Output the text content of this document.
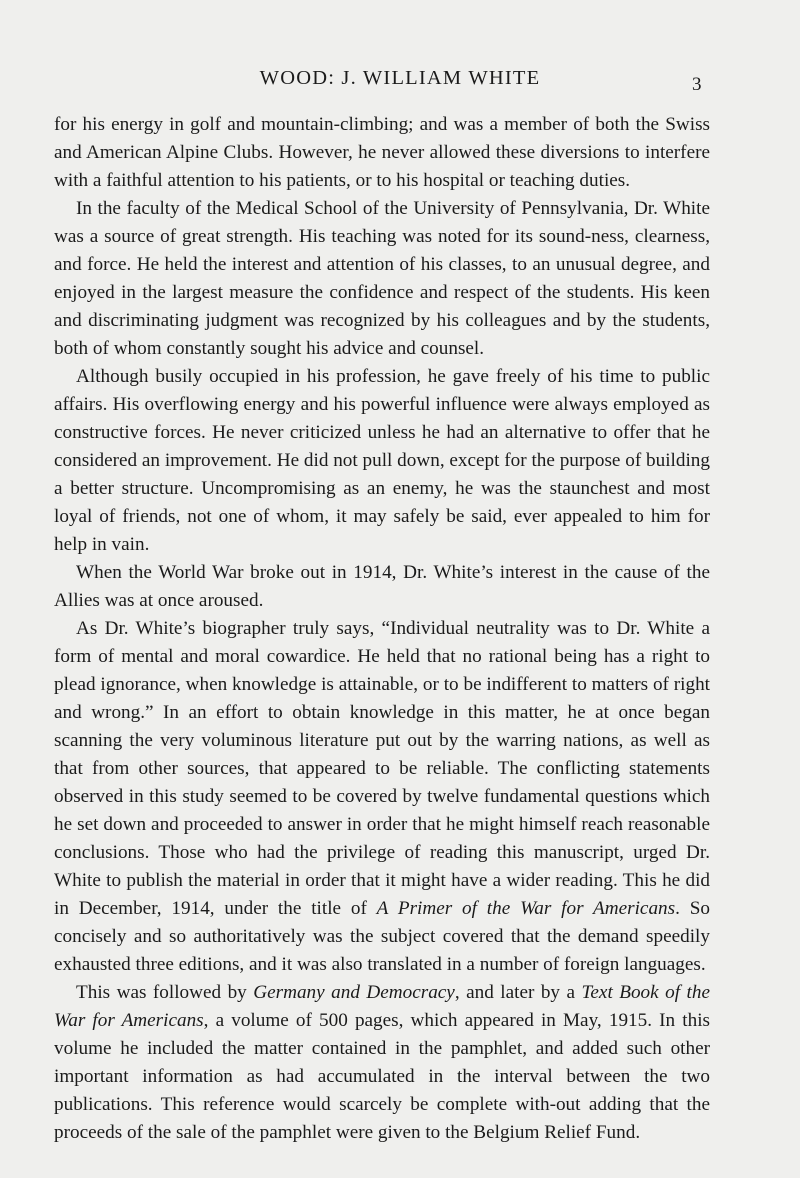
WOOD: J. WILLIAM WHITE	3

for his energy in golf and mountain-climbing; and was a member of both the Swiss and American Alpine Clubs. However, he never allowed these diversions to interfere with a faithful attention to his patients, or to his hospital or teaching duties.

In the faculty of the Medical School of the University of Pennsylvania, Dr. White was a source of great strength. His teaching was noted for its sound-ness, clearness, and force. He held the interest and attention of his classes, to an unusual degree, and enjoyed in the largest measure the confidence and respect of the students. His keen and discriminating judgment was recognized by his colleagues and by the students, both of whom constantly sought his advice and counsel.

Although busily occupied in his profession, he gave freely of his time to public affairs. His overflowing energy and his powerful influence were always employed as constructive forces. He never criticized unless he had an alternative to offer that he considered an improvement. He did not pull down, except for the purpose of building a better structure. Uncompromising as an enemy, he was the staunchest and most loyal of friends, not one of whom, it may safely be said, ever appealed to him for help in vain.

When the World War broke out in 1914, Dr. White’s interest in the cause of the Allies was at once aroused.

As Dr. White’s biographer truly says, “Individual neutrality was to Dr. White a form of mental and moral cowardice. He held that no rational being has a right to plead ignorance, when knowledge is attainable, or to be indifferent to matters of right and wrong.” In an effort to obtain knowledge in this matter, he at once began scanning the very voluminous literature put out by the warring nations, as well as that from other sources, that appeared to be reliable. The conflicting statements observed in this study seemed to be covered by twelve fundamental questions which he set down and proceeded to answer in order that he might himself reach reasonable conclusions. Those who had the privilege of reading this manuscript, urged Dr. White to publish the material in order that it might have a wider reading. This he did in December, 1914, under the title of A Primer of the War for Americans. So concisely and so authoritatively was the subject covered that the demand speedily exhausted three editions, and it was also translated in a number of foreign languages.

This was followed by Germany and Democracy, and later by a Text Book of the War for Americans, a volume of 500 pages, which appeared in May, 1915. In this volume he included the matter contained in the pamphlet, and added such other important information as had accumulated in the interval between the two publications. This reference would scarcely be complete with-out adding that the proceeds of the sale of the pamphlet were given to the Belgium Relief Fund.
